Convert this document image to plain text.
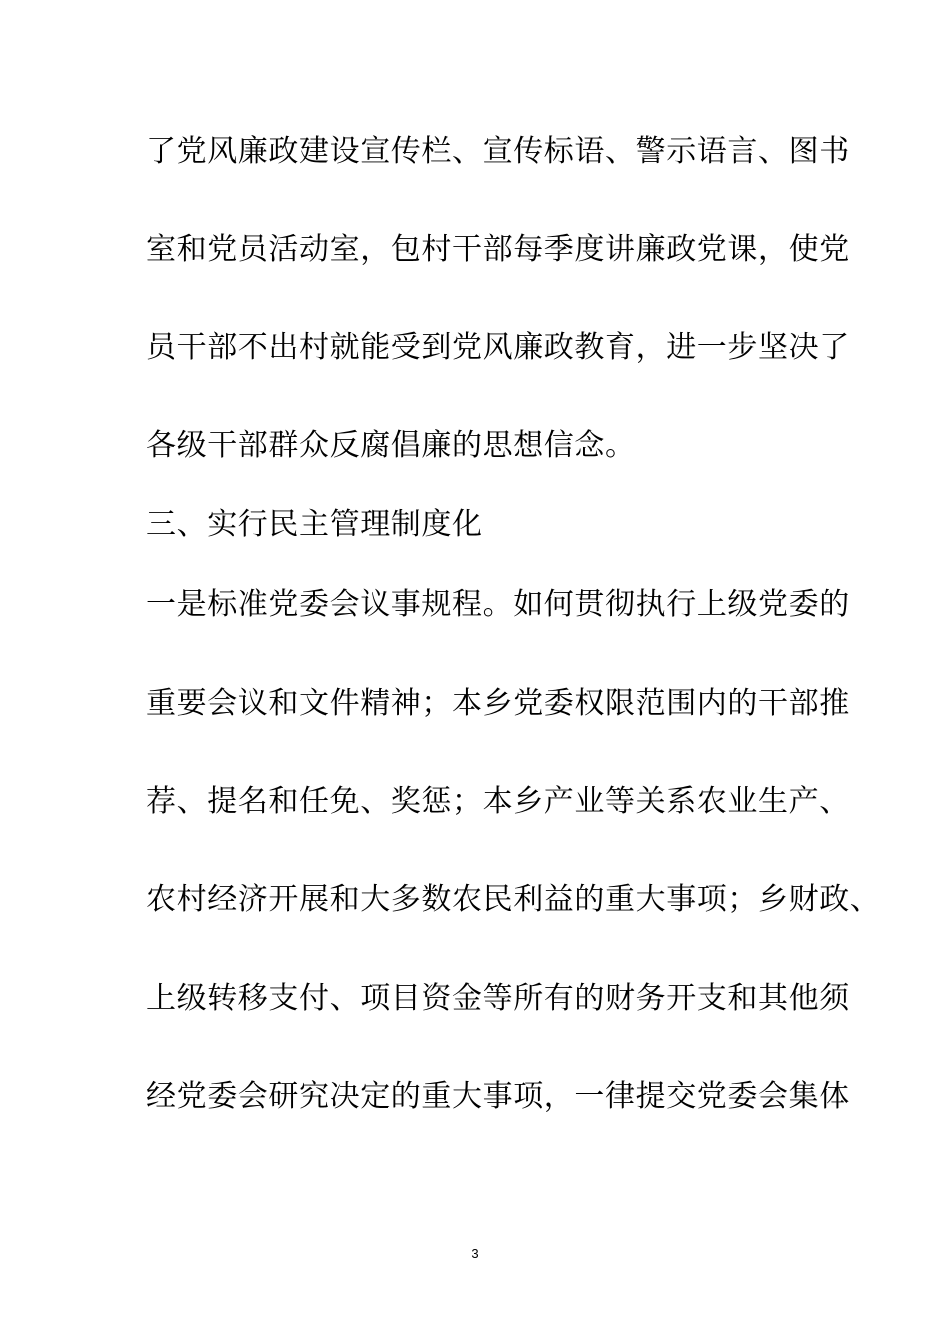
了党风廉政建设宣传栏、宣传标语、警示语言、图书
室和党员活动室，包村干部每季度讲廉政党课，使党
员干部不出村就能受到党风廉政教育，进一步坚决了
各级干部群众反腐倡廉的思想信念。
三、实行民主管理制度化
一是标准党委会议事规程。如何贯彻执行上级党委的
重要会议和文件精神；本乡党委权限范围内的干部推
荐、提名和任免、奖惩；本乡产业等关系农业生产、
农村经济开展和大多数农民利益的重大事项；乡财政、
上级转移支付、项目资金等所有的财务开支和其他须
经党委会研究决定的重大事项，一律提交党委会集体
3
